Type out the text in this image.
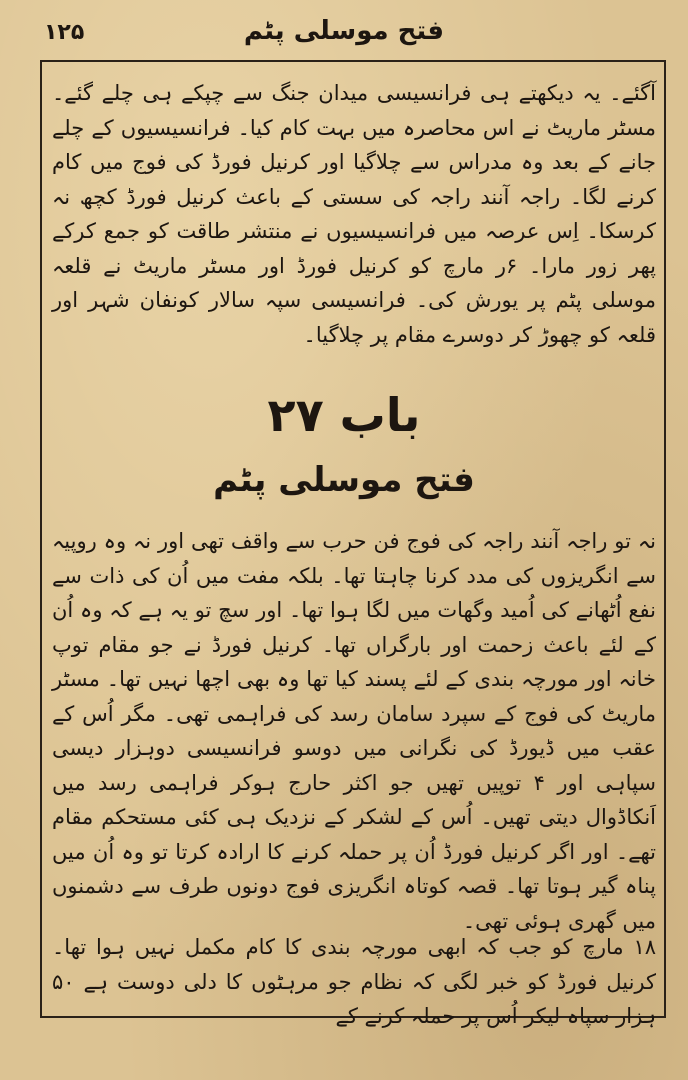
۱۲۵	فتح موسلی پٹم
آگئے۔ یہ دیکھتے ہی فرانسیسی میدان جنگ سے چپکے ہی چلے گئے۔ مسٹر ماریٹ نے اس محاصرہ میں بہت کام کیا۔ فرانسیسیوں کے چلے جانے کے بعد وہ مدراس سے چلاگیا اور کرنیل فورڈ کی فوج میں کام کرنے لگا۔ راجہ آنند راجہ کی سستی کے باعث کرنیل فورڈ کچھ نہ کرسکا۔ اِس عرصہ میں فرانسیسیوں نے منتشر طاقت کو جمع کرکے پھر زور مارا۔ ۶ر مارچ کو کرنیل فورڈ اور مسٹر ماریٹ نے قلعہ موسلی پٹم پر یورش کی۔ فرانسیسی سپہ سالار کونفان شہر اور قلعہ کو چھوڑ کر دوسرے مقام پر چلاگیا۔
باب ۲۷
فتح موسلی پٹم
نہ تو راجہ آنند راجہ کی فوج فن حرب سے واقف تھی اور نہ وہ روپیہ سے انگریزوں کی مدد کرنا چاہتا تھا۔ بلکہ مفت میں اُن کی ذات سے نفع اُٹھانے کی اُمید وگھات میں لگا ہوا تھا۔ اور سچ تو یہ ہے کہ وہ اُن کے لئے باعث زحمت اور بارگراں تھا۔ کرنیل فورڈ نے جو مقام توپ خانہ اور مورچہ بندی کے لئے پسند کیا تھا وہ بھی اچھا نہیں تھا۔ مسٹر ماریٹ کی فوج کے سپرد سامان رسد کی فراہمی تھی۔ مگر اُس کے عقب میں ڈیورڈ کی نگرانی میں دوسو فرانسیسی دوہزار دیسی سپاہی اور ۴ توپیں تھیں جو اکثر حارج ہوکر فراہمی رسد میں اَنکاڈوال دیتی تھیں۔ اُس کے لشکر کے نزدیک ہی کئی مستحکم مقام تھے۔ اور اگر کرنیل فورڈ اُن پر حملہ کرنے کا ارادہ کرتا تو وہ اُن میں پناہ گیر ہوتا تھا۔ قصہ کوتاہ انگریزی فوج دونوں طرف سے دشمنوں میں گھری ہوئی تھی۔
۱۸ مارچ کو جب کہ ابھی مورچہ بندی کا کام مکمل نہیں ہوا تھا۔ کرنیل فورڈ کو خبر لگی کہ نظام جو مرہٹوں کا دلی دوست ہے ۵۰ ہزار سپاہ لیکر اُس پر حملہ کرنے کے
